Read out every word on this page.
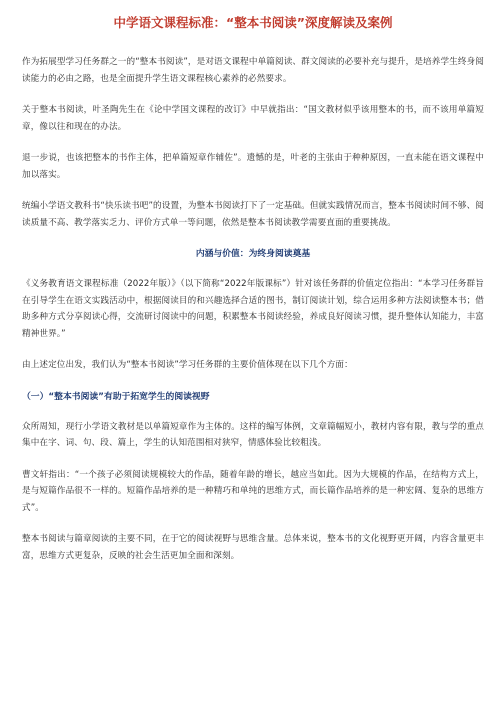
中学语文课程标准：“整本书阅读”深度解读及案例

作为拓展型学习任务群之一的“整本书阅读”，是对语文课程中单篇阅读、群文阅读的必要补充与提升，是培养学生终身阅读能力的必由之路，也是全面提升学生语文课程核心素养的必然要求。

关于整本书阅读，叶圣陶先生在《论中学国文课程的改订》中早就指出：“国文教材似乎该用整本的书，而不该用单篇短章，像以往和现在的办法。

退一步说，也该把整本的书作主体，把单篇短章作辅佐”。遗憾的是，叶老的主张由于种种原因，一直未能在语文课程中加以落实。

统编小学语文教科书“快乐读书吧”的设置，为整本书阅读打下了一定基础。但就实践情况而言，整本书阅读时间不够、阅读质量不高、教学落实乏力、评价方式单一等问题，依然是整本书阅读教学需要直面的重要挑战。

内涵与价值：为终身阅读奠基

《义务教育语文课程标准（2022年版）》（以下简称“2022年版课标”）针对该任务群的价值定位指出：“本学习任务群旨在引导学生在语文实践活动中，根据阅读目的和兴趣选择合适的图书，制订阅读计划，综合运用多种方法阅读整本书；借助多种方式分享阅读心得，交流研讨阅读中的问题，积累整本书阅读经验，养成良好阅读习惯，提升整体认知能力，丰富精神世界。”

由上述定位出发，我们认为“整本书阅读”学习任务群的主要价值体现在以下几个方面：

（一）“整本书阅读”有助于拓宽学生的阅读视野

众所周知，现行小学语文教材是以单篇短章作为主体的。这样的编写体例，文章篇幅短小，教材内容有限，教与学的重点集中在字、词、句、段、篇上，学生的认知范围相对狭窄，情感体验比较粗浅。

曹文轩指出：“一个孩子必须阅读规模较大的作品，随着年龄的增长，越应当如此。因为大规模的作品，在结构方式上，是与短篇作品很不一样的。短篇作品培养的是一种精巧和单纯的思维方式，而长篇作品培养的是一种宏阔、复杂的思维方式”。

整本书阅读与篇章阅读的主要不同，在于它的阅读视野与思维含量。总体来说，整本书的文化视野更开阔，内容含量更丰富，思维方式更复杂，反映的社会生活更加全面和深刻。
